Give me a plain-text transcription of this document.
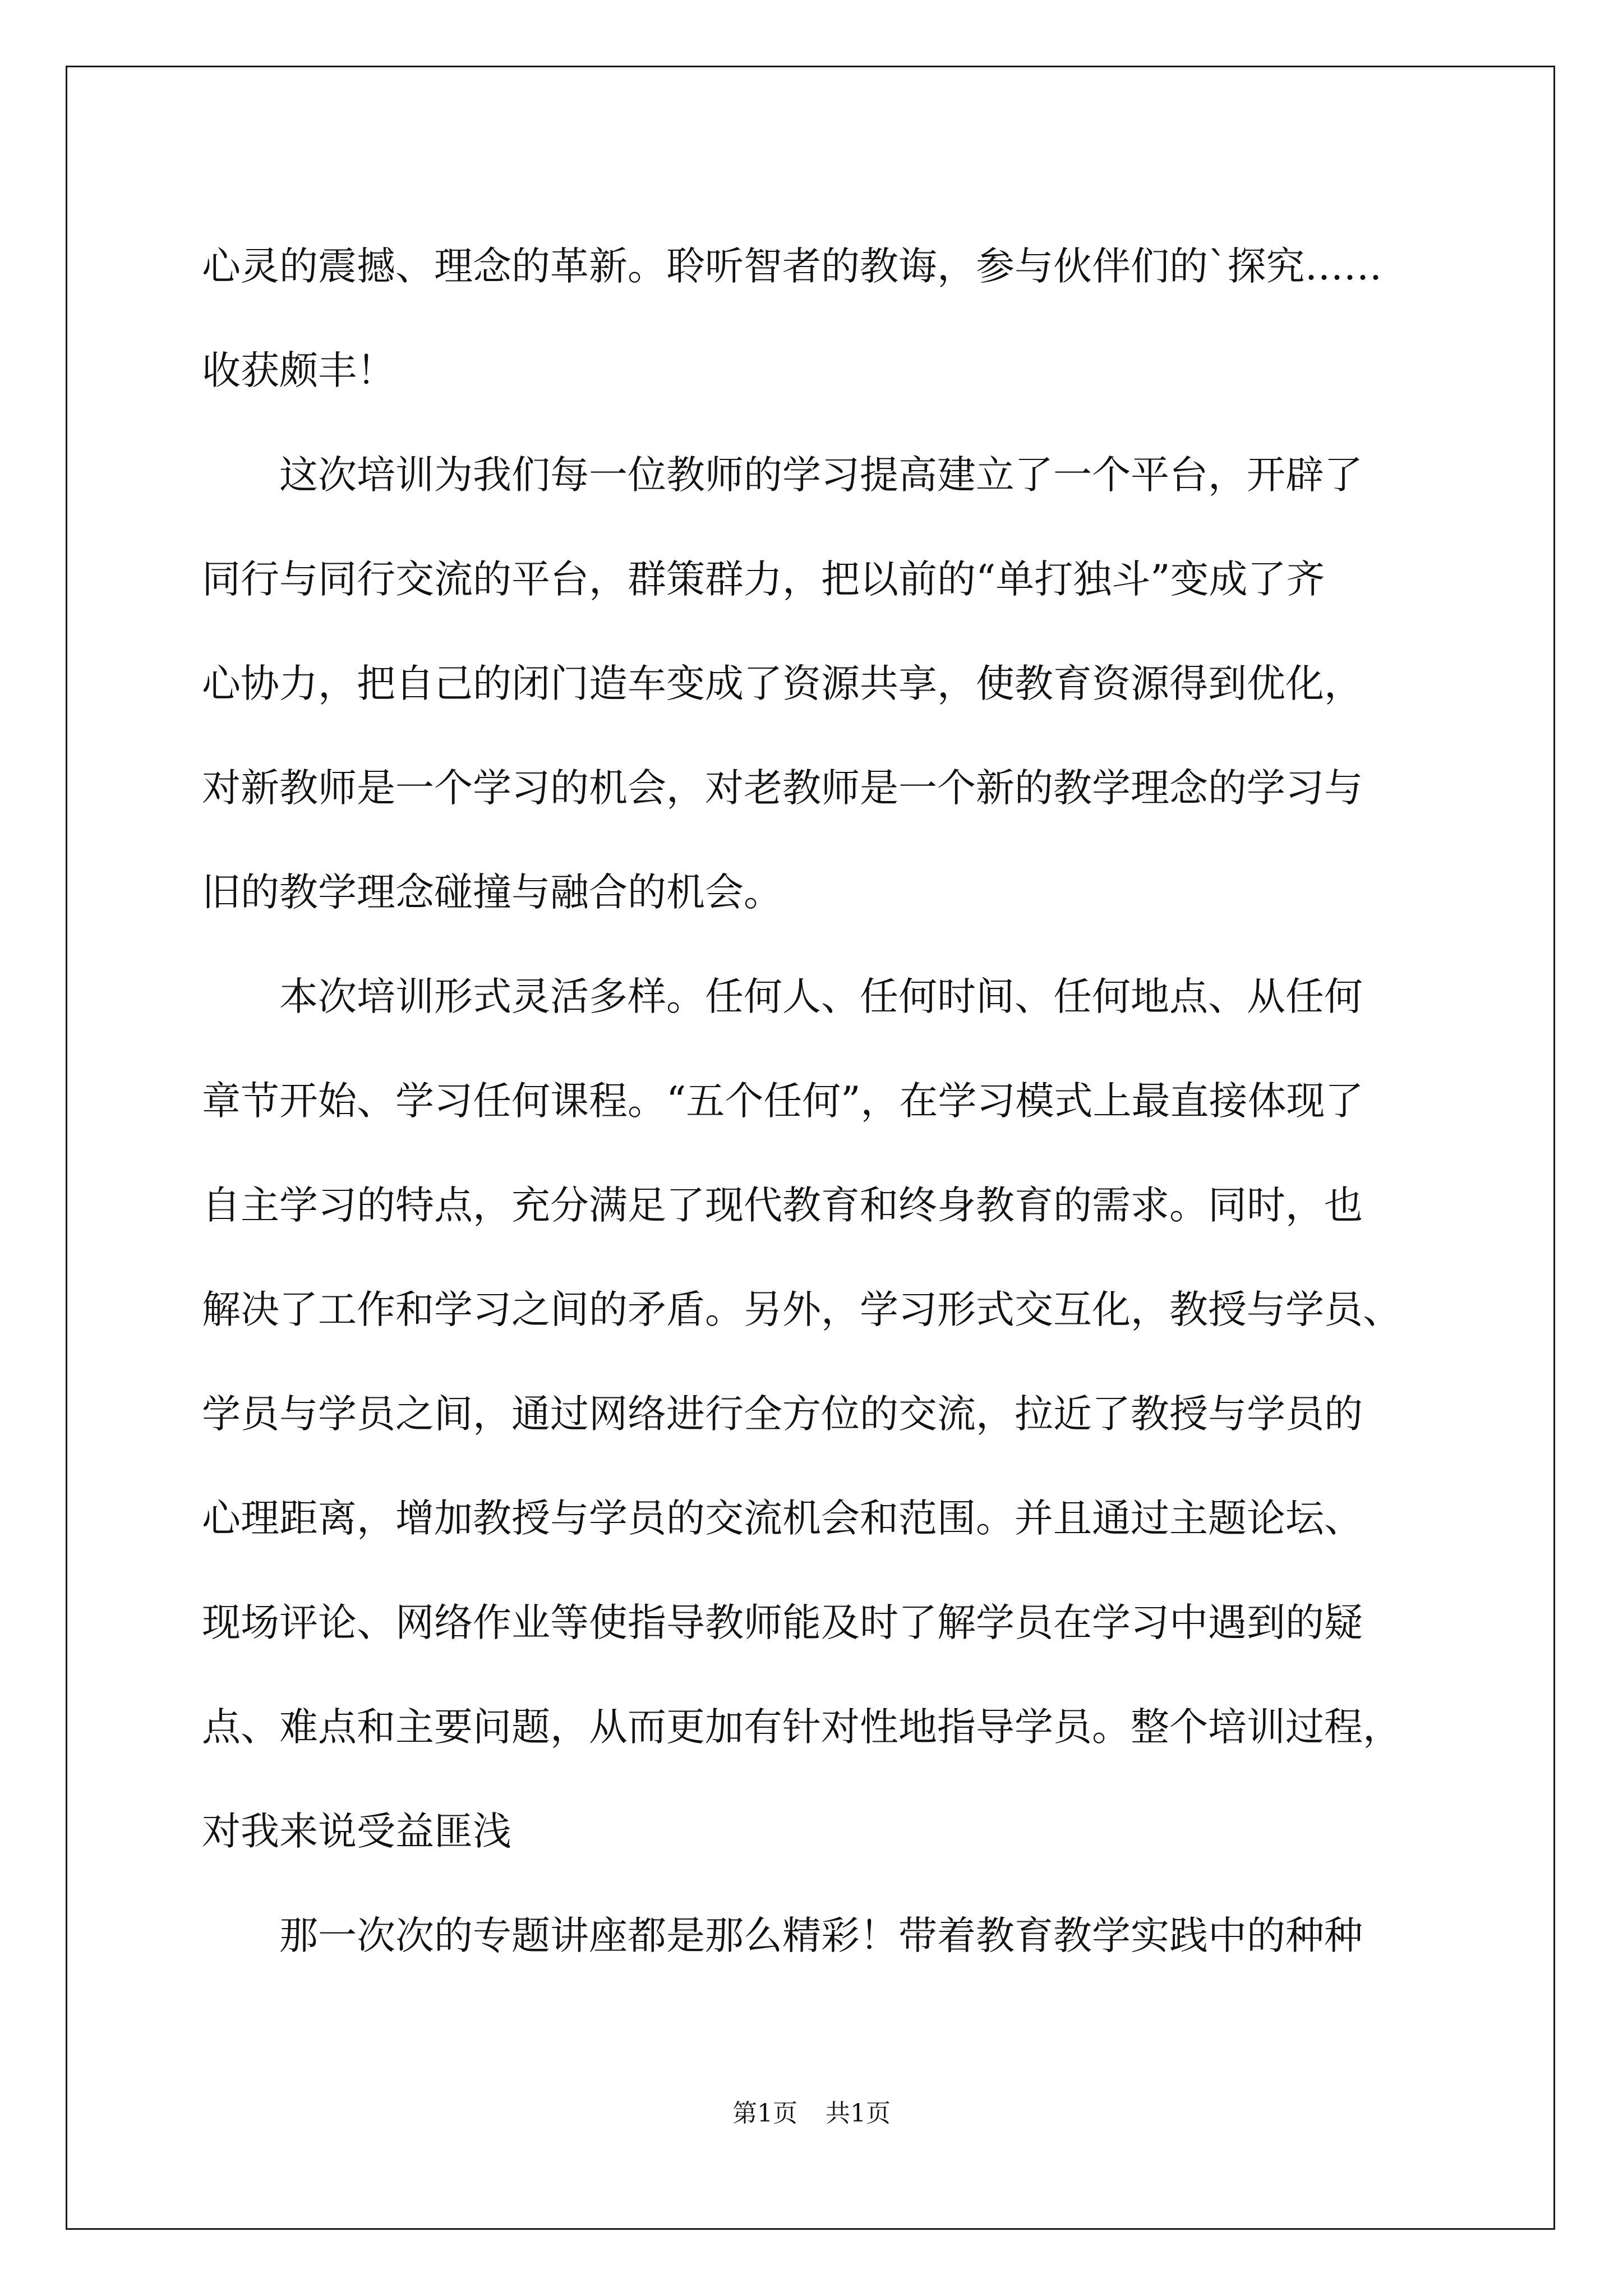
心灵的震撼、理念的革新。聆听智者的教诲，参与伙伴们的`探究……
收获颇丰！
这次培训为我们每一位教师的学习提高建立了一个平台，开辟了
同行与同行交流的平台，群策群力，把以前的“单打独斗”变成了齐
心协力，把自己的闭门造车变成了资源共享，使教育资源得到优化，
对新教师是一个学习的机会，对老教师是一个新的教学理念的学习与
旧的教学理念碰撞与融合的机会。
本次培训形式灵活多样。任何人、任何时间、任何地点、从任何
章节开始、学习任何课程。“五个任何”，在学习模式上最直接体现了
自主学习的特点，充分满足了现代教育和终身教育的需求。同时，也
解决了工作和学习之间的矛盾。另外，学习形式交互化，教授与学员、
学员与学员之间，通过网络进行全方位的交流，拉近了教授与学员的
心理距离，增加教授与学员的交流机会和范围。并且通过主题论坛、
现场评论、网络作业等使指导教师能及时了解学员在学习中遇到的疑
点、难点和主要问题，从而更加有针对性地指导学员。整个培训过程，
对我来说受益匪浅
那一次次的专题讲座都是那么精彩！带着教育教学实践中的种种
第1页 共1页
